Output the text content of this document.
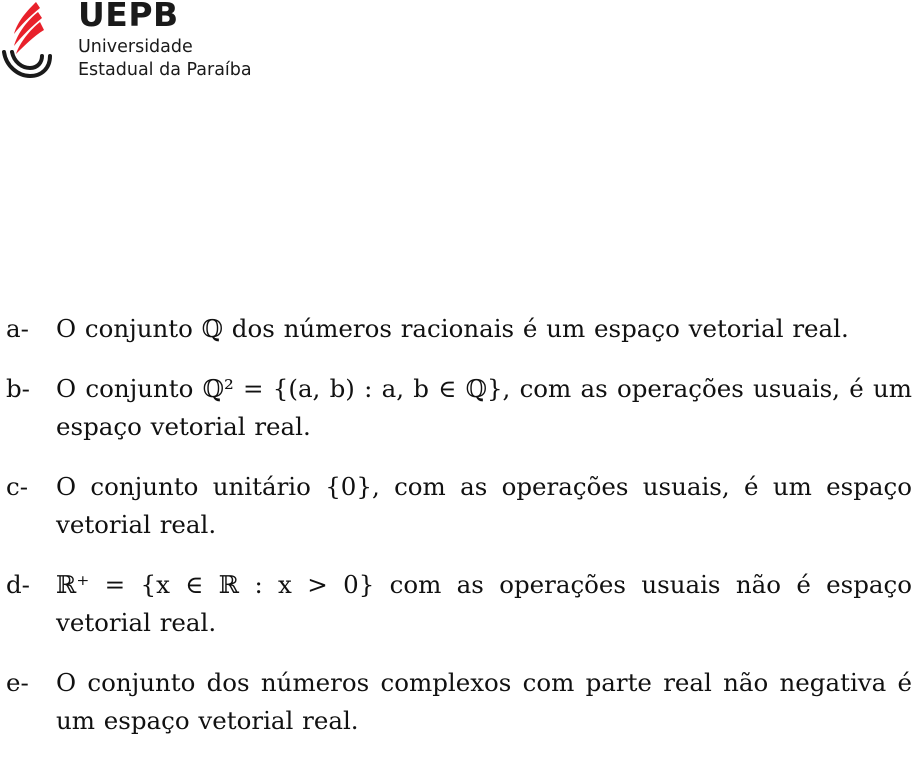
UEPB
Universidade
Estadual da Paraíba
a-	O conjunto ℚ dos números racionais é um espaço vetorial real.
b-	O conjunto ℚ² = {(a, b) : a, b ∈ ℚ}, com as operações usuais, é um espaço vetorial real.
c-	O conjunto unitário {0}, com as operações usuais, é um espaço vetorial real.
d-	ℝ⁺ = {x ∈ ℝ : x > 0} com as operações usuais não é espaço vetorial real.
e-	O conjunto dos números complexos com parte real não negativa é um espaço vetorial real.
